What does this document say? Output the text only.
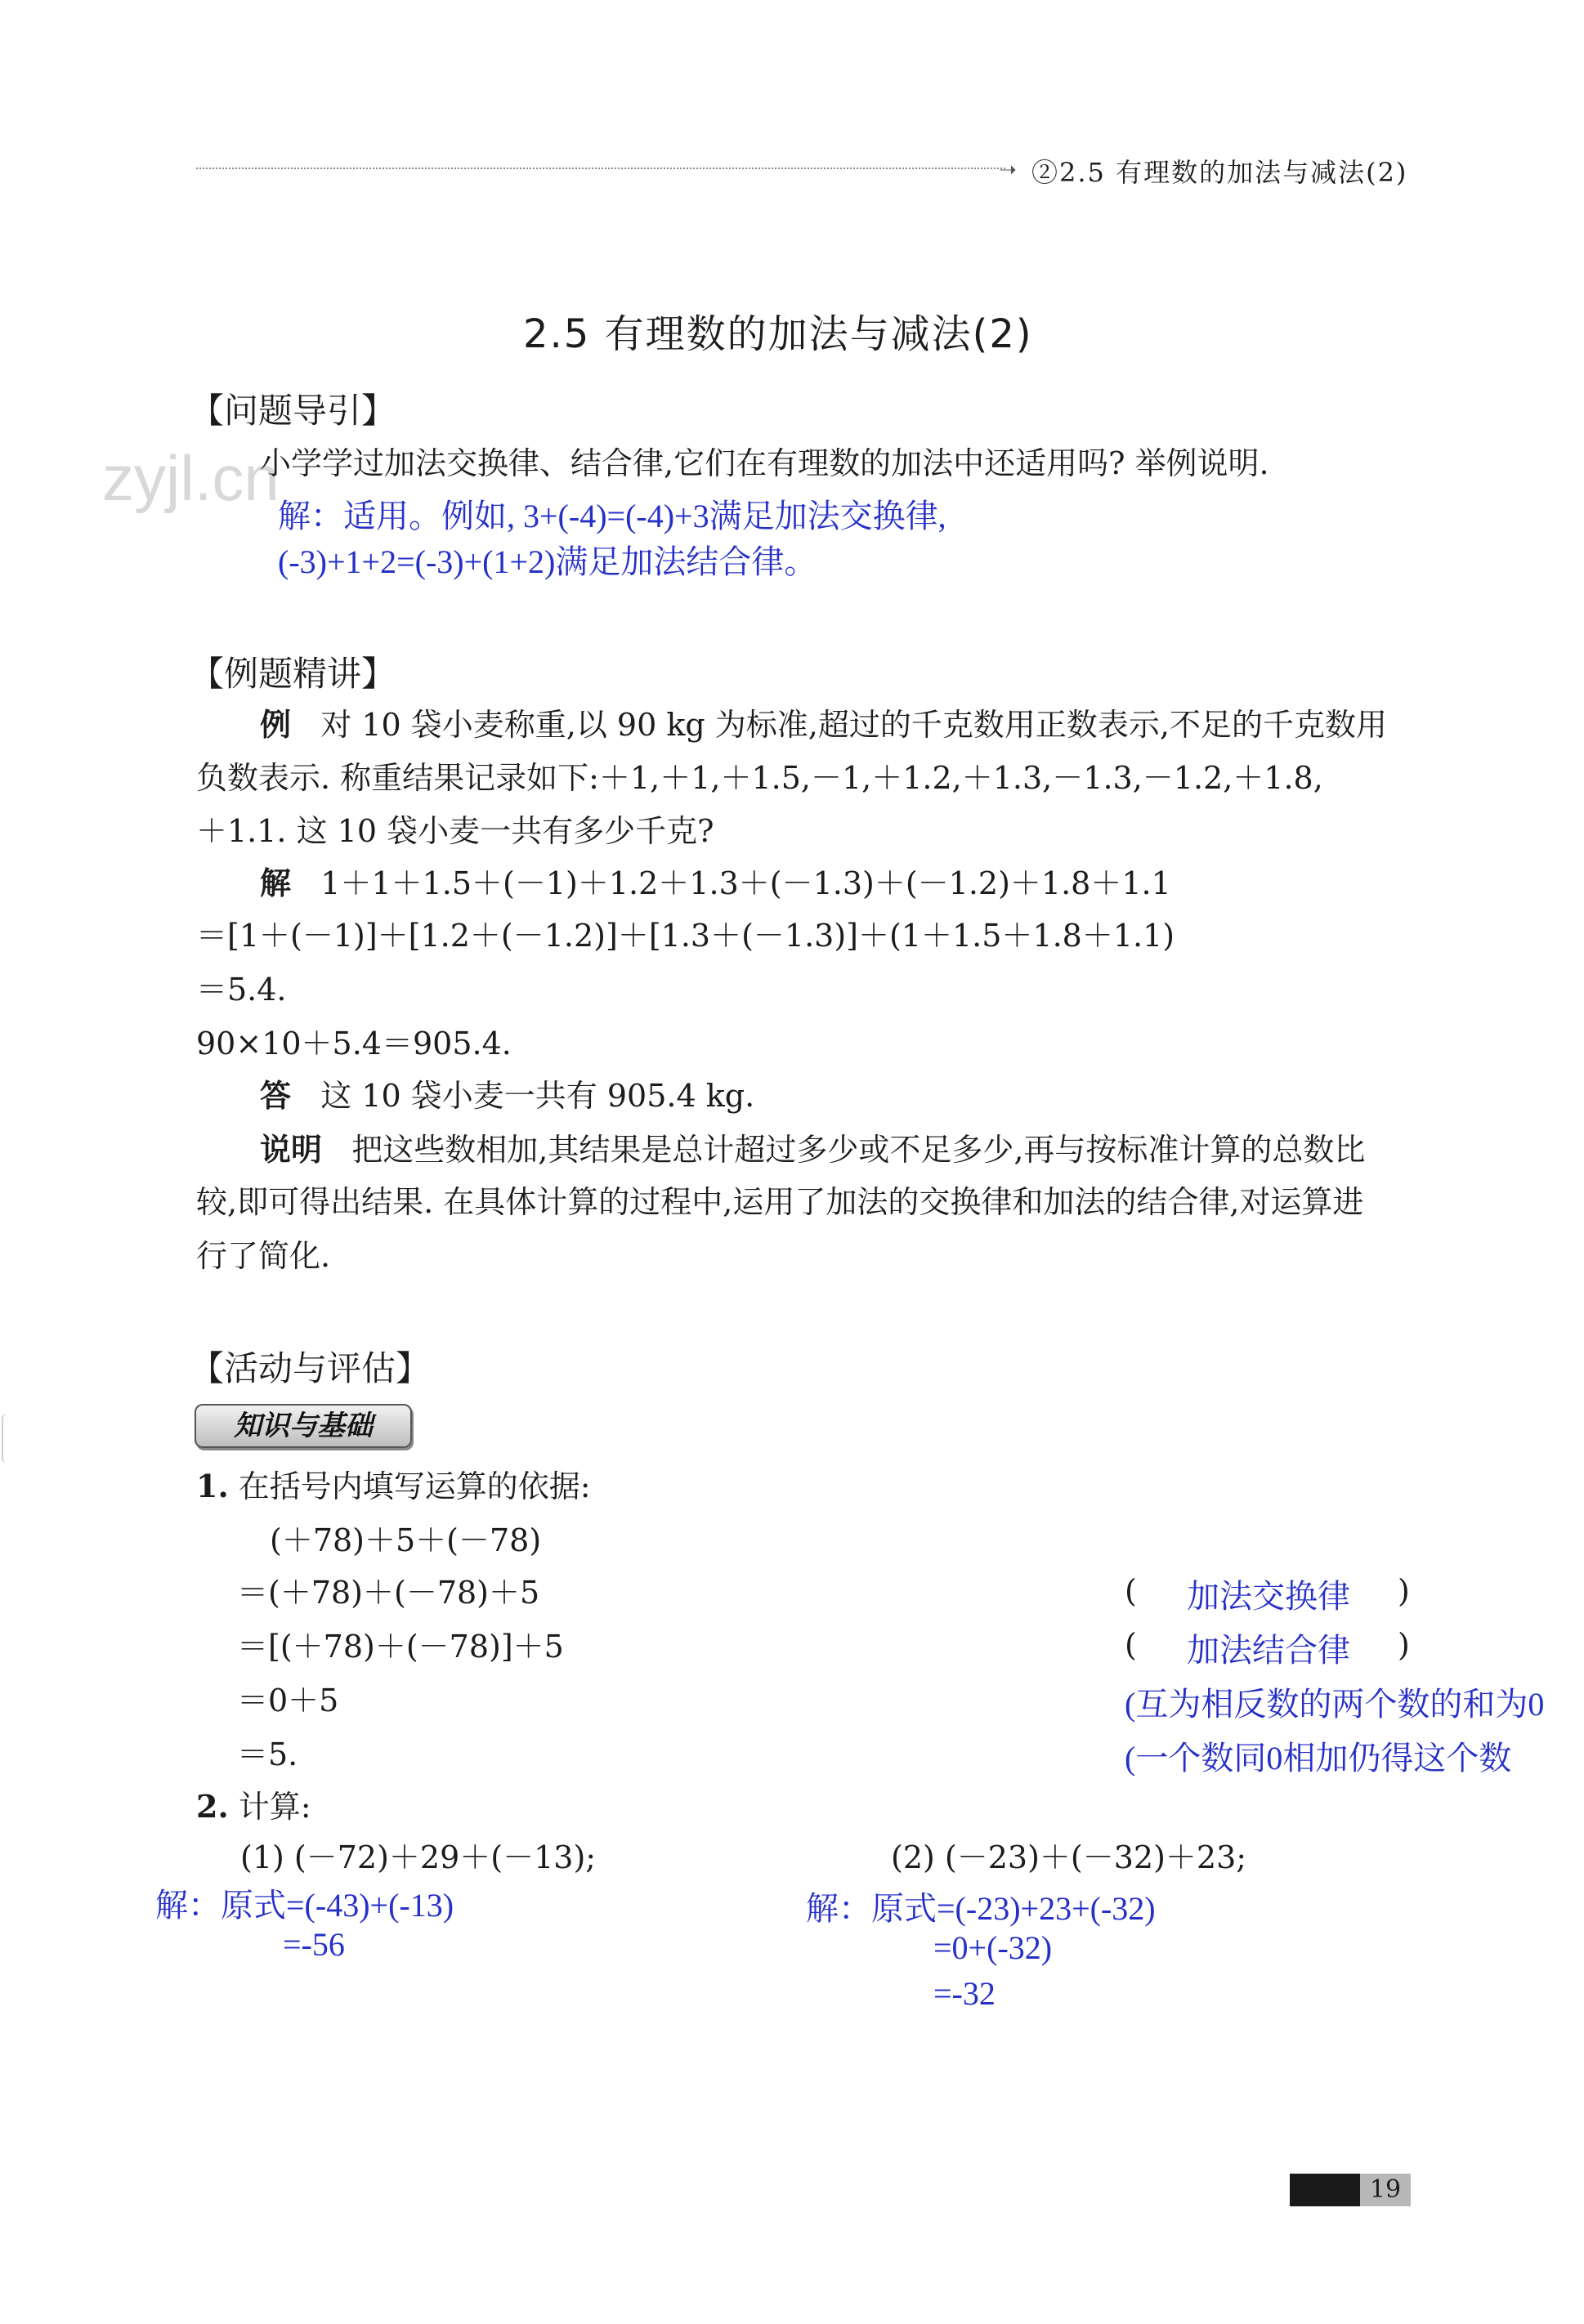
➝ ②2.5 有理数的加法与减法(2)
zyjl.cn
2.5 有理数的加法与减法(2)
【问题导引】
小学学过加法交换律、结合律,它们在有理数的加法中还适用吗? 举例说明.
解：适用。例如, 3+(-4)=(-4)+3满足加法交换律,
(-3)+1+2=(-3)+(1+2)满足加法结合律。
【例题精讲】
例 对 10 袋小麦称重,以 90 kg 为标准,超过的千克数用正数表示,不足的千克数用
负数表示. 称重结果记录如下:＋1,＋1,＋1.5,－1,＋1.2,＋1.3,－1.3,－1.2,＋1.8,
＋1.1. 这 10 袋小麦一共有多少千克?
解 1＋1＋1.5＋(－1)＋1.2＋1.3＋(－1.3)＋(－1.2)＋1.8＋1.1
＝[1＋(－1)]＋[1.2＋(－1.2)]＋[1.3＋(－1.3)]＋(1＋1.5＋1.8＋1.1)
＝5.4.
90×10＋5.4＝905.4.
答 这 10 袋小麦一共有 905.4 kg.
说明 把这些数相加,其结果是总计超过多少或不足多少,再与按标准计算的总数比
较,即可得出结果. 在具体计算的过程中,运用了加法的交换律和加法的结合律,对运算进
行了简化.
【活动与评估】
知识与基础
1. 在括号内填写运算的依据:
(＋78)＋5＋(－78)
＝(＋78)＋(－78)＋5
＝[(＋78)＋(－78)]＋5
＝0＋5
＝5.
( 加法交换律 )
( 加法结合律 )
(互为相反数的两个数的和为0
(一个数同0相加仍得这个数
2. 计算:
(1) (－72)＋29＋(－13);
解：原式=(-43)+(-13)
=-56
(2) (－23)＋(－32)＋23;
解：原式=(-23)+23+(-32)
=0+(-32)
=-32
19
